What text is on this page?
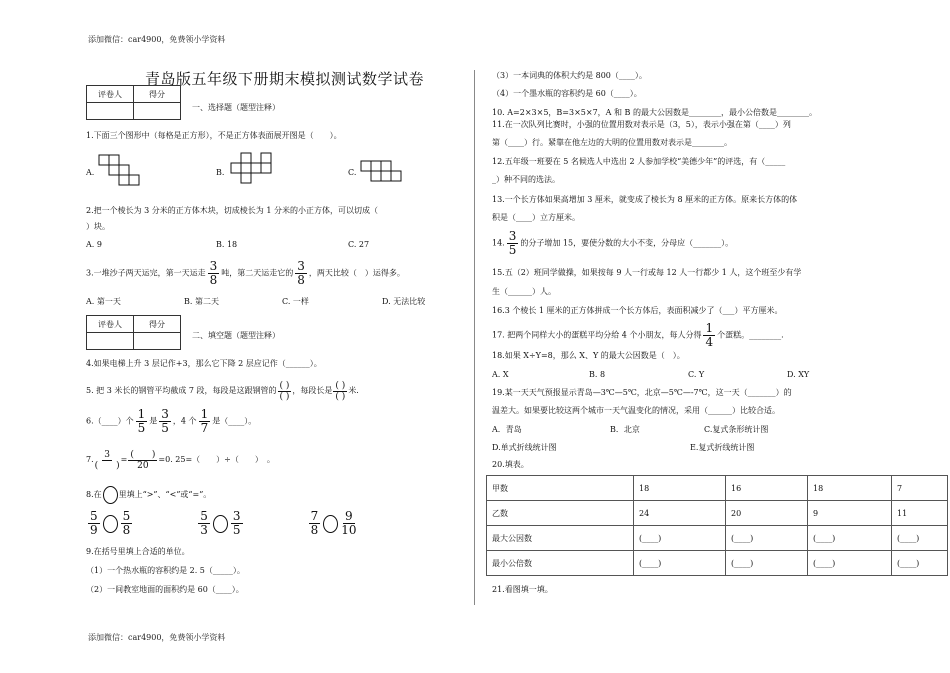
添加微信：car4900，免费领小学资料
添加微信：car4900，免费领小学资料
青岛版五年级下册期末模拟测试数学试卷
评卷人	得分

一、选择题（题型注释）
1.下面三个图形中（每格是正方形），不是正方体表面展开图是（　　）。
A.	B.	C.
2.把一个棱长为 3 分米的正方体木块，切成棱长为 1 分米的小正方体，可以切成（
）块。
A. 9	B. 18	C. 27
3.一堆沙子两天运完，第一天运走 $\frac{3}{8}$ 吨，第二天运走它的 $\frac{3}{8}$ ，两天比较（　）运得多。
A. 第一天	B. 第二天	C. 一样	D. 无法比较
评卷人	得分

二、填空题（题型注释）
4.如果电梯上升 3 层记作+3，那么它下降 2 层应记作（______）。
5. 把 3 米长的钢管平均截成 7 段，每段是这跟钢管的 $\frac{( )}{( )}$ ，每段长是 $\frac{( )}{( )}$ 米.
6.（____）个 $\frac{1}{5}$ 是 $\frac{3}{5}$ ，4 个 $\frac{1}{7}$ 是（____）。
7. $\frac{3}{( )} = \frac{( )}{20} =0$. 25=（　　）÷（　　）　。
8.在 里填上“>”、“<”或“=”。
$\frac{5}{9} \frac{5}{8}$	$\frac{5}{3} \frac{3}{5}$	$\frac{7}{8} \frac{9}{10}$
9.在括号里填上合适的单位。
（1）一个热水瓶的容积约是 2. 5（_____）。
（2）一间教室地面的面积约是 60（____）。
（3）一本词典的体积大约是 800（____）。
（4）一个墨水瓶的容积约是 60（____）。
10. A=2×3×5，B=3×5×7，A 和 B 的最大公因数是________，最小公倍数是________。
11.在一次队列比赛时，小强的位置用数对表示是（3，5），表示小强在第（____）列
第（____）行。紧靠在他左边的大明的位置用数对表示是________。
12.五年级一班要在 5 名候选人中选出 2 人参加学校“美德少年”的评选，有（_____
_）种不同的选法。
13.一个长方体如果高增加 3 厘米，就变成了棱长为 8 厘米的正方体。原来长方体的体
积是（____）立方厘米。
14. $\frac{3}{5}$ 的分子增加 15，要使分数的大小不变，分母应（_______）。
15.五（2）班同学做操，如果按每 9 人一行或每 12 人一行都少 1 人，这个班至少有学
生（______）人。
16.3 个棱长 1 厘米的正方体拼成一个长方体后，表面积减少了（___）平方厘米。
17. 把两个同样大小的蛋糕平均分给 4 个小朋友，每人分得 $\frac{1}{4}$ 个蛋糕。________.
18.如果 X÷Y=8，那么 X、Y 的最大公因数是（　）。
A. X	B. 8	C. Y	D. XY
19.某一天天气预报显示青岛—3℃—5℃，北京—5℃—-7℃，这一天（_______）的
温差大。如果要比较这两个城市一天气温变化的情况，采用（______）比较合适。
A．青岛	B．北京	C.复式条形统计图
D.单式折线统计图	E.复式折线统计图
20.填表。
甲数	18	16	18	7
乙数	24	20	9	11
最大公因数	(____)	(____)	(____)	(____)
最小公倍数	(____)	(____)	(____)	(____)
21.看图填一填。
